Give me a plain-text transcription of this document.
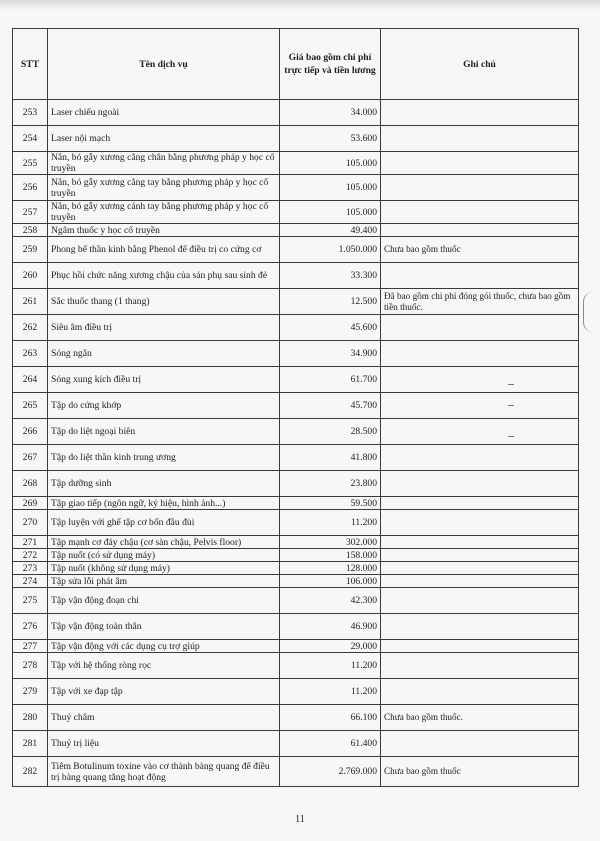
STT	Tên dịch vụ	Giá bao gồm chi phí trực tiếp và tiền lương	Ghi chú
253	Laser chiếu ngoài	34.000	
254	Laser nội mạch	53.600	
255	Nắn, bó gẫy xương cẳng chân bằng phương pháp y học cổ truyền	105.000	
256	Nắn, bó gẫy xương cẳng tay bằng phương pháp y học cổ truyền	105.000	
257	Nắn, bó gẫy xương cánh tay bằng phương pháp y học cổ truyền	105.000	
258	Ngâm thuốc y học cổ truyền	49.400	
259	Phong bế thần kinh bằng Phenol để điều trị co cứng cơ	1.050.000	Chưa bao gồm thuốc
260	Phục hồi chức năng xương chậu của sản phụ sau sinh đẻ	33.300	
261	Sắc thuốc thang (1 thang)	12.500	Đã bao gồm chi phí đóng gói thuốc, chưa bao gồm tiền thuốc.
262	Siêu âm điều trị	45.600	
263	Sóng ngắn	34.900	
264	Sóng xung kích điều trị	61.700	
265	Tập do cứng khớp	45.700	
266	Tập do liệt ngoại biên	28.500	
267	Tập do liệt thần kinh trung ương	41.800	
268	Tập dưỡng sinh	23.800	
269	Tập giao tiếp (ngôn ngữ, ký hiệu, hình ảnh...)	59.500	
270	Tập luyện với ghế tập cơ bốn đầu đùi	11.200	
271	Tập mạnh cơ đáy chậu (cơ sàn chậu, Pelvis floor)	302.000	
272	Tập nuốt (có sử dụng máy)	158.000	
273	Tập nuốt (không sử dụng máy)	128.000	
274	Tập sửa lỗi phát âm	106.000	
275	Tập vận động đoạn chi	42.300	
276	Tập vận động toàn thân	46.900	
277	Tập vận động với các dụng cụ trợ giúp	29.000	
278	Tập với hệ thống ròng rọc	11.200	
279	Tập với xe đạp tập	11.200	
280	Thuỷ châm	66.100	Chưa bao gồm thuốc.
281	Thuỷ trị liệu	61.400	
282	Tiêm Botulinum toxine vào cơ thành bàng quang để điều trị bàng quang tăng hoạt động	2.769.000	Chưa bao gồm thuốc
11
